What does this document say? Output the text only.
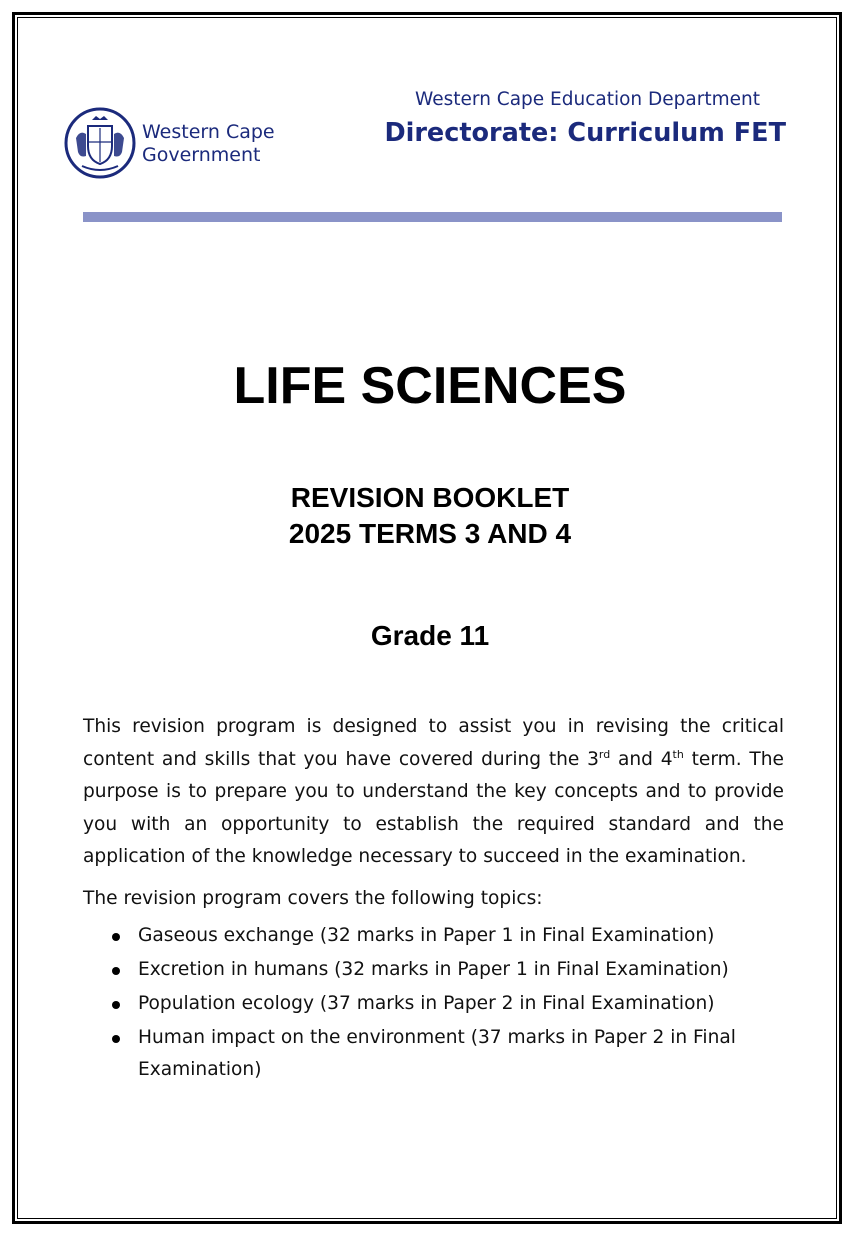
Western Cape
Government
Western Cape Education Department
Directorate: Curriculum FET
LIFE SCIENCES
REVISION BOOKLET
2025 TERMS 3 AND 4
Grade 11

This revision program is designed to assist you in revising the critical content and skills that you have covered during the 3rd and 4th term. The purpose is to prepare you to understand the key concepts and to provide you with an opportunity to establish the required standard and the application of the knowledge necessary to succeed in the examination.

The revision program covers the following topics:

Gaseous exchange (32 marks in Paper 1 in Final Examination)
Excretion in humans (32 marks in Paper 1 in Final Examination)
Population ecology (37 marks in Paper 2 in Final Examination)
Human impact on the environment (37 marks in Paper 2 in Final Examination)
